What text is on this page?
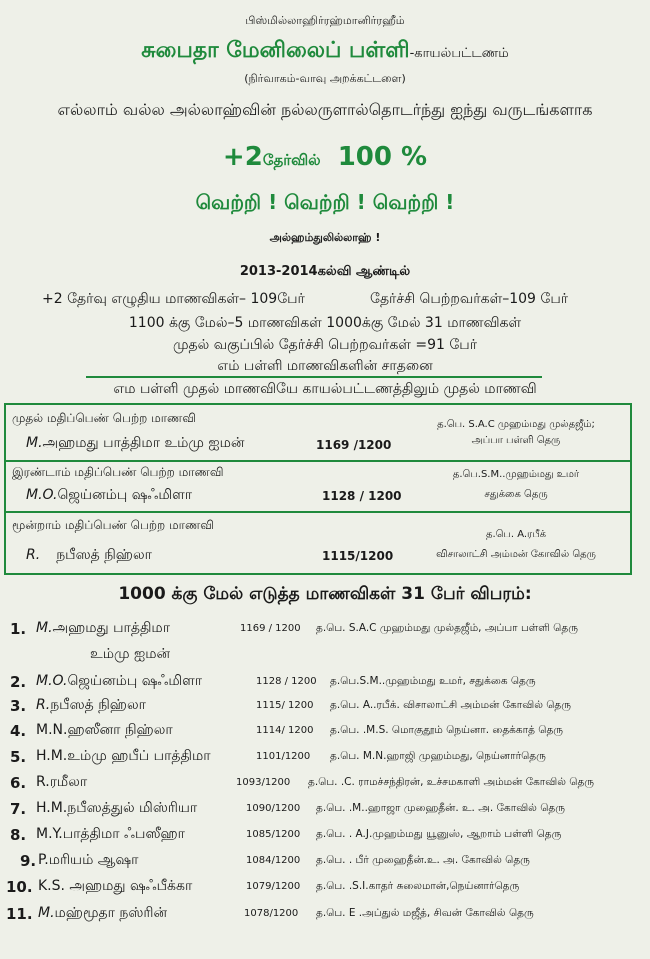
பிஸ்மில்லாஹிர்ரஹ்மானிர்ரஹீம்
சுபைதா மேனிலைப் பள்ளி-காயல்பட்டணம்
(நிர்வாகம்-வாவு அறக்கட்டளை)
எல்லாம் வல்ல அல்லாஹ்வின் நல்லருளால்தொடர்ந்து ஐந்து வருடங்களாக
+2தேர்வில் 100 %
வெற்றி ! வெற்றி ! வெற்றி !
அல்ஹம்துலில்லாஹ் !
2013-2014கல்வி ஆண்டில்
+2 தேர்வு எழுதிய மாணவிகள்– 109பேர்	தேர்ச்சி பெற்றவர்கள்–109 பேர்
1100 க்கு மேல்–5 மாணவிகள் 1000க்கு மேல் 31 மாணவிகள்
முதல் வகுப்பில் தேர்ச்சி பெற்றவர்கள் =91 பேர்
எம் பள்ளி மாணவிகளின் சாதனை
எம பள்ளி முதல் மாணவியே காயல்பட்டணத்திலும் முதல் மாணவி
முதல் மதிப்பெண் பெற்ற மாணவி
M.அஹமது பாத்திமா உம்மு ஐமன்	1169 /1200
த.பெ. S.A.C முஹம்மது முல்தஜீம்;
அப்பா பள்ளி தெரு
இரண்டாம் மதிப்பெண் பெற்ற மாணவி
M.O.ஜெய்னம்பு ஷஃமிளா	1128 / 1200
த.பெ.S.M..முஹம்மது உமர்
சதுக்கை தெரு
மூன்றாம் மதிப்பெண் பெற்ற மாணவி
R. நபீஸத் நிஹ்லா	1115/1200
த.பெ. A.ரபீக்
விசாலாட்சி அம்மன் கோவில் தெரு
1000 க்கு மேல் எடுத்த மாணவிகள் 31 பேர் விபரம்:
1. M.அஹமது பாத்திமா	1169 / 1200 த.பெ. S.A.C முஹம்மது முல்தஜீம், அப்பா பள்ளி தெரு
உம்மு ஐமன்
2. M.O.ஜெய்னம்பு ஷஃமிளா	1128 / 1200 த.பெ.S.M..முஹம்மது உமர், சதுக்கை தெரு
3. R.நபீஸத் நிஹ்லா	1115/ 1200 த.பெ. A..ரபீக். விசாலாட்சி அம்மன் கோவில் தெரு
4. M.N.ஹஸீனா நிஹ்லா	1114/ 1200 த.பெ. .M.S. மொகுதூம் நெய்னா. தைக்காத் தெரு
5. H.M.உம்மு ஹபீப் பாத்திமா	1101/1200 த.பெ. M.N.ஹாஜி முஹம்மது, நெய்னார்தெரு
6. R.ரமீலா	1093/1200 த.பெ. .C. ராமச்சந்திரன், உச்சமகாளி அம்மன் கோவில் தெரு
7. H.M.நபீஸத்துல் மிஸ்ரியா	1090/1200 த.பெ. .M..ஹாஜா முஹைதீன். உ. அ. கோவில் தெரு
8. M.Y.பாத்திமா ஃபஸீஹா	1085/1200 த.பெ. . A.J.முஹம்மது யூனுஸ், ஆறாம் பள்ளி தெரு
9. P.மரியம் ஆஷா	1084/1200 த.பெ. . பீர் முஹைதீன்.உ. அ. கோவில் தெரு
10. K.S. அஹமது ஷஃபீக்கா	1079/1200 த.பெ. .S.I.காதர் சுலைமான்,நெய்னார்தெரு
11. M.மஹ்மூதா நஸ்ரின்	1078/1200 த.பெ. E .அப்துல் மஜீத், சிவன் கோவில் தெரு
